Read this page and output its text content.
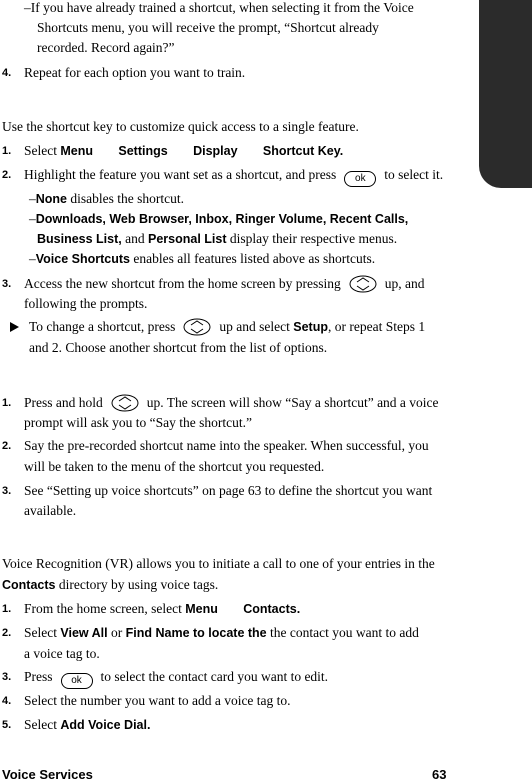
–If you have already trained a shortcut, when selecting it from the Voice
Shortcuts menu, you will receive the prompt, “Shortcut already
recorded. Record again?”
4. Repeat for each option you want to train.
Use the shortcut key to customize quick access to a single feature.
1. Select Menu Settings Display Shortcut Key.
2. Highlight the feature you want set as a shortcut, and press ok to select it.
–None disables the shortcut.
–Downloads, Web Browser, Inbox, Ringer Volume, Recent Calls,
Business List, and Personal List display their respective menus.
–Voice Shortcuts enables all features listed above as shortcuts.
3. Access the new shortcut from the home screen by pressing	up, and
following the prompts.
To change a shortcut, press	up and select Setup, or repeat Steps 1
and 2. Choose another shortcut from the list of options.
1. Press and hold	up. The screen will show “Say a shortcut” and a voice
prompt will ask you to “Say the shortcut.”
2. Say the pre-recorded shortcut name into the speaker. When successful, you
will be taken to the menu of the shortcut you requested.
3. See “Setting up voice shortcuts” on page 63 to define the shortcut you want
available.
Voice Recognition (VR) allows you to initiate a call to one of your entries in the
Contacts directory by using voice tags.
1. From the home screen, select Menu Contacts.
2. Select View All or Find Name to locate the the contact you want to add
a voice tag to.
3. Press ok to select the contact card you want to edit.
4. Select the number you want to add a voice tag to.
5. Select Add Voice Dial.
Voice Services	63
